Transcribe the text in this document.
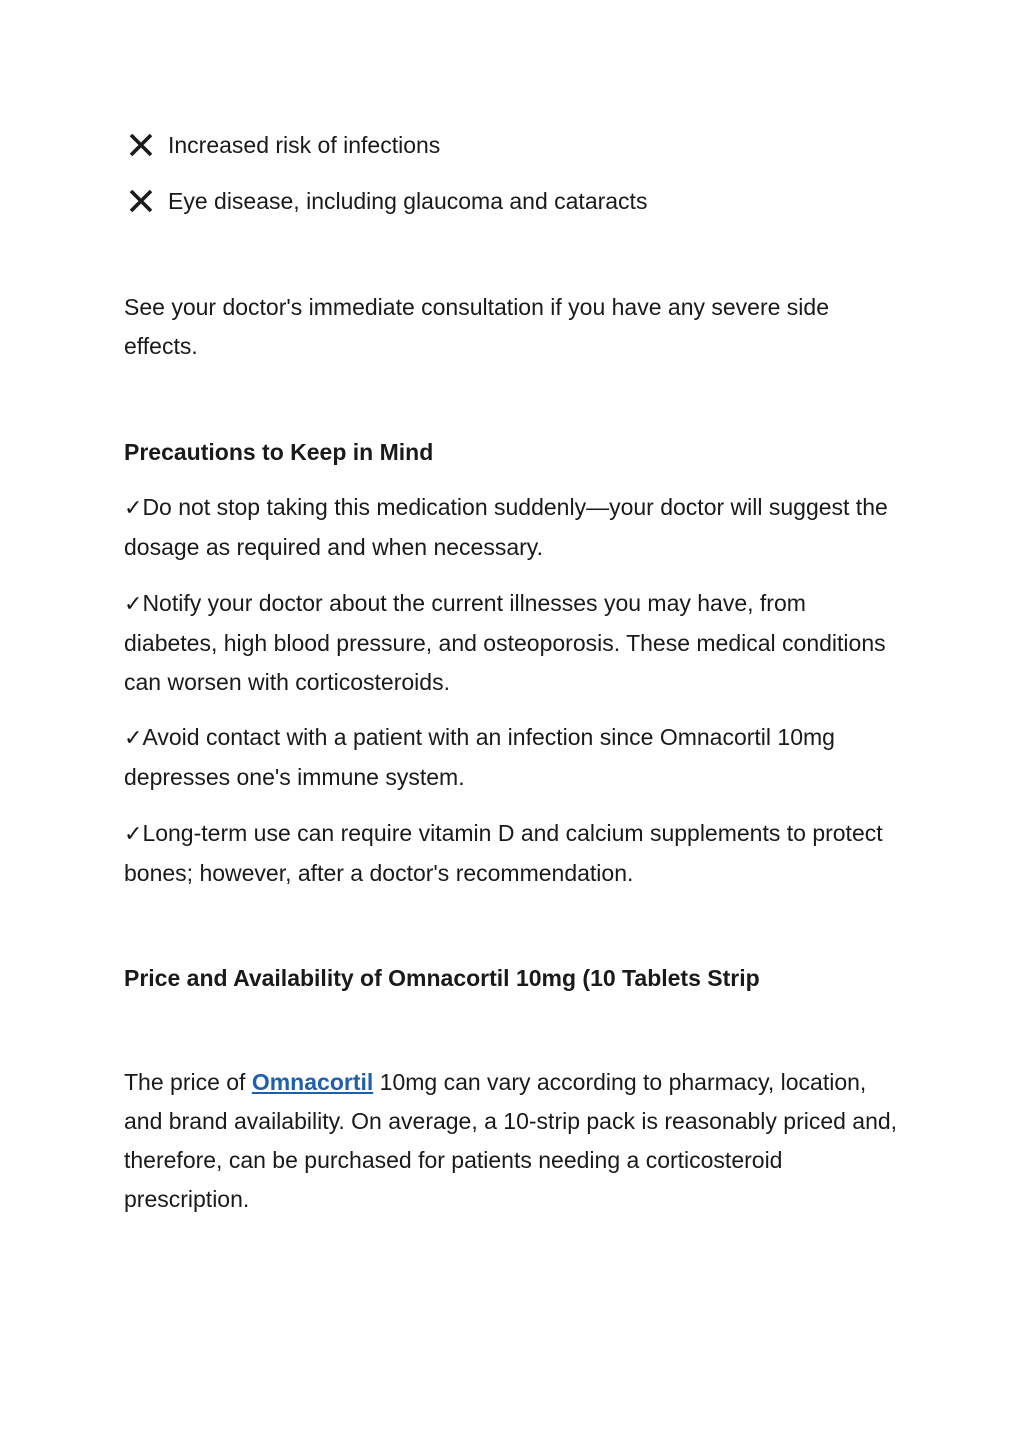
Increased risk of infections
Eye disease, including glaucoma and cataracts

See your doctor's immediate consultation if you have any severe side effects.

Precautions to Keep in Mind

✓Do not stop taking this medication suddenly—your doctor will suggest the dosage as required and when necessary.

✓Notify your doctor about the current illnesses you may have, from diabetes, high blood pressure, and osteoporosis. These medical conditions can worsen with corticosteroids.

✓Avoid contact with a patient with an infection since Omnacortil 10mg depresses one's immune system.

✓Long-term use can require vitamin D and calcium supplements to protect bones; however, after a doctor's recommendation.

Price and Availability of Omnacortil 10mg (10 Tablets Strip

The price of Omnacortil 10mg can vary according to pharmacy, location, and brand availability. On average, a 10-strip pack is reasonably priced and, therefore, can be purchased for patients needing a corticosteroid prescription.
